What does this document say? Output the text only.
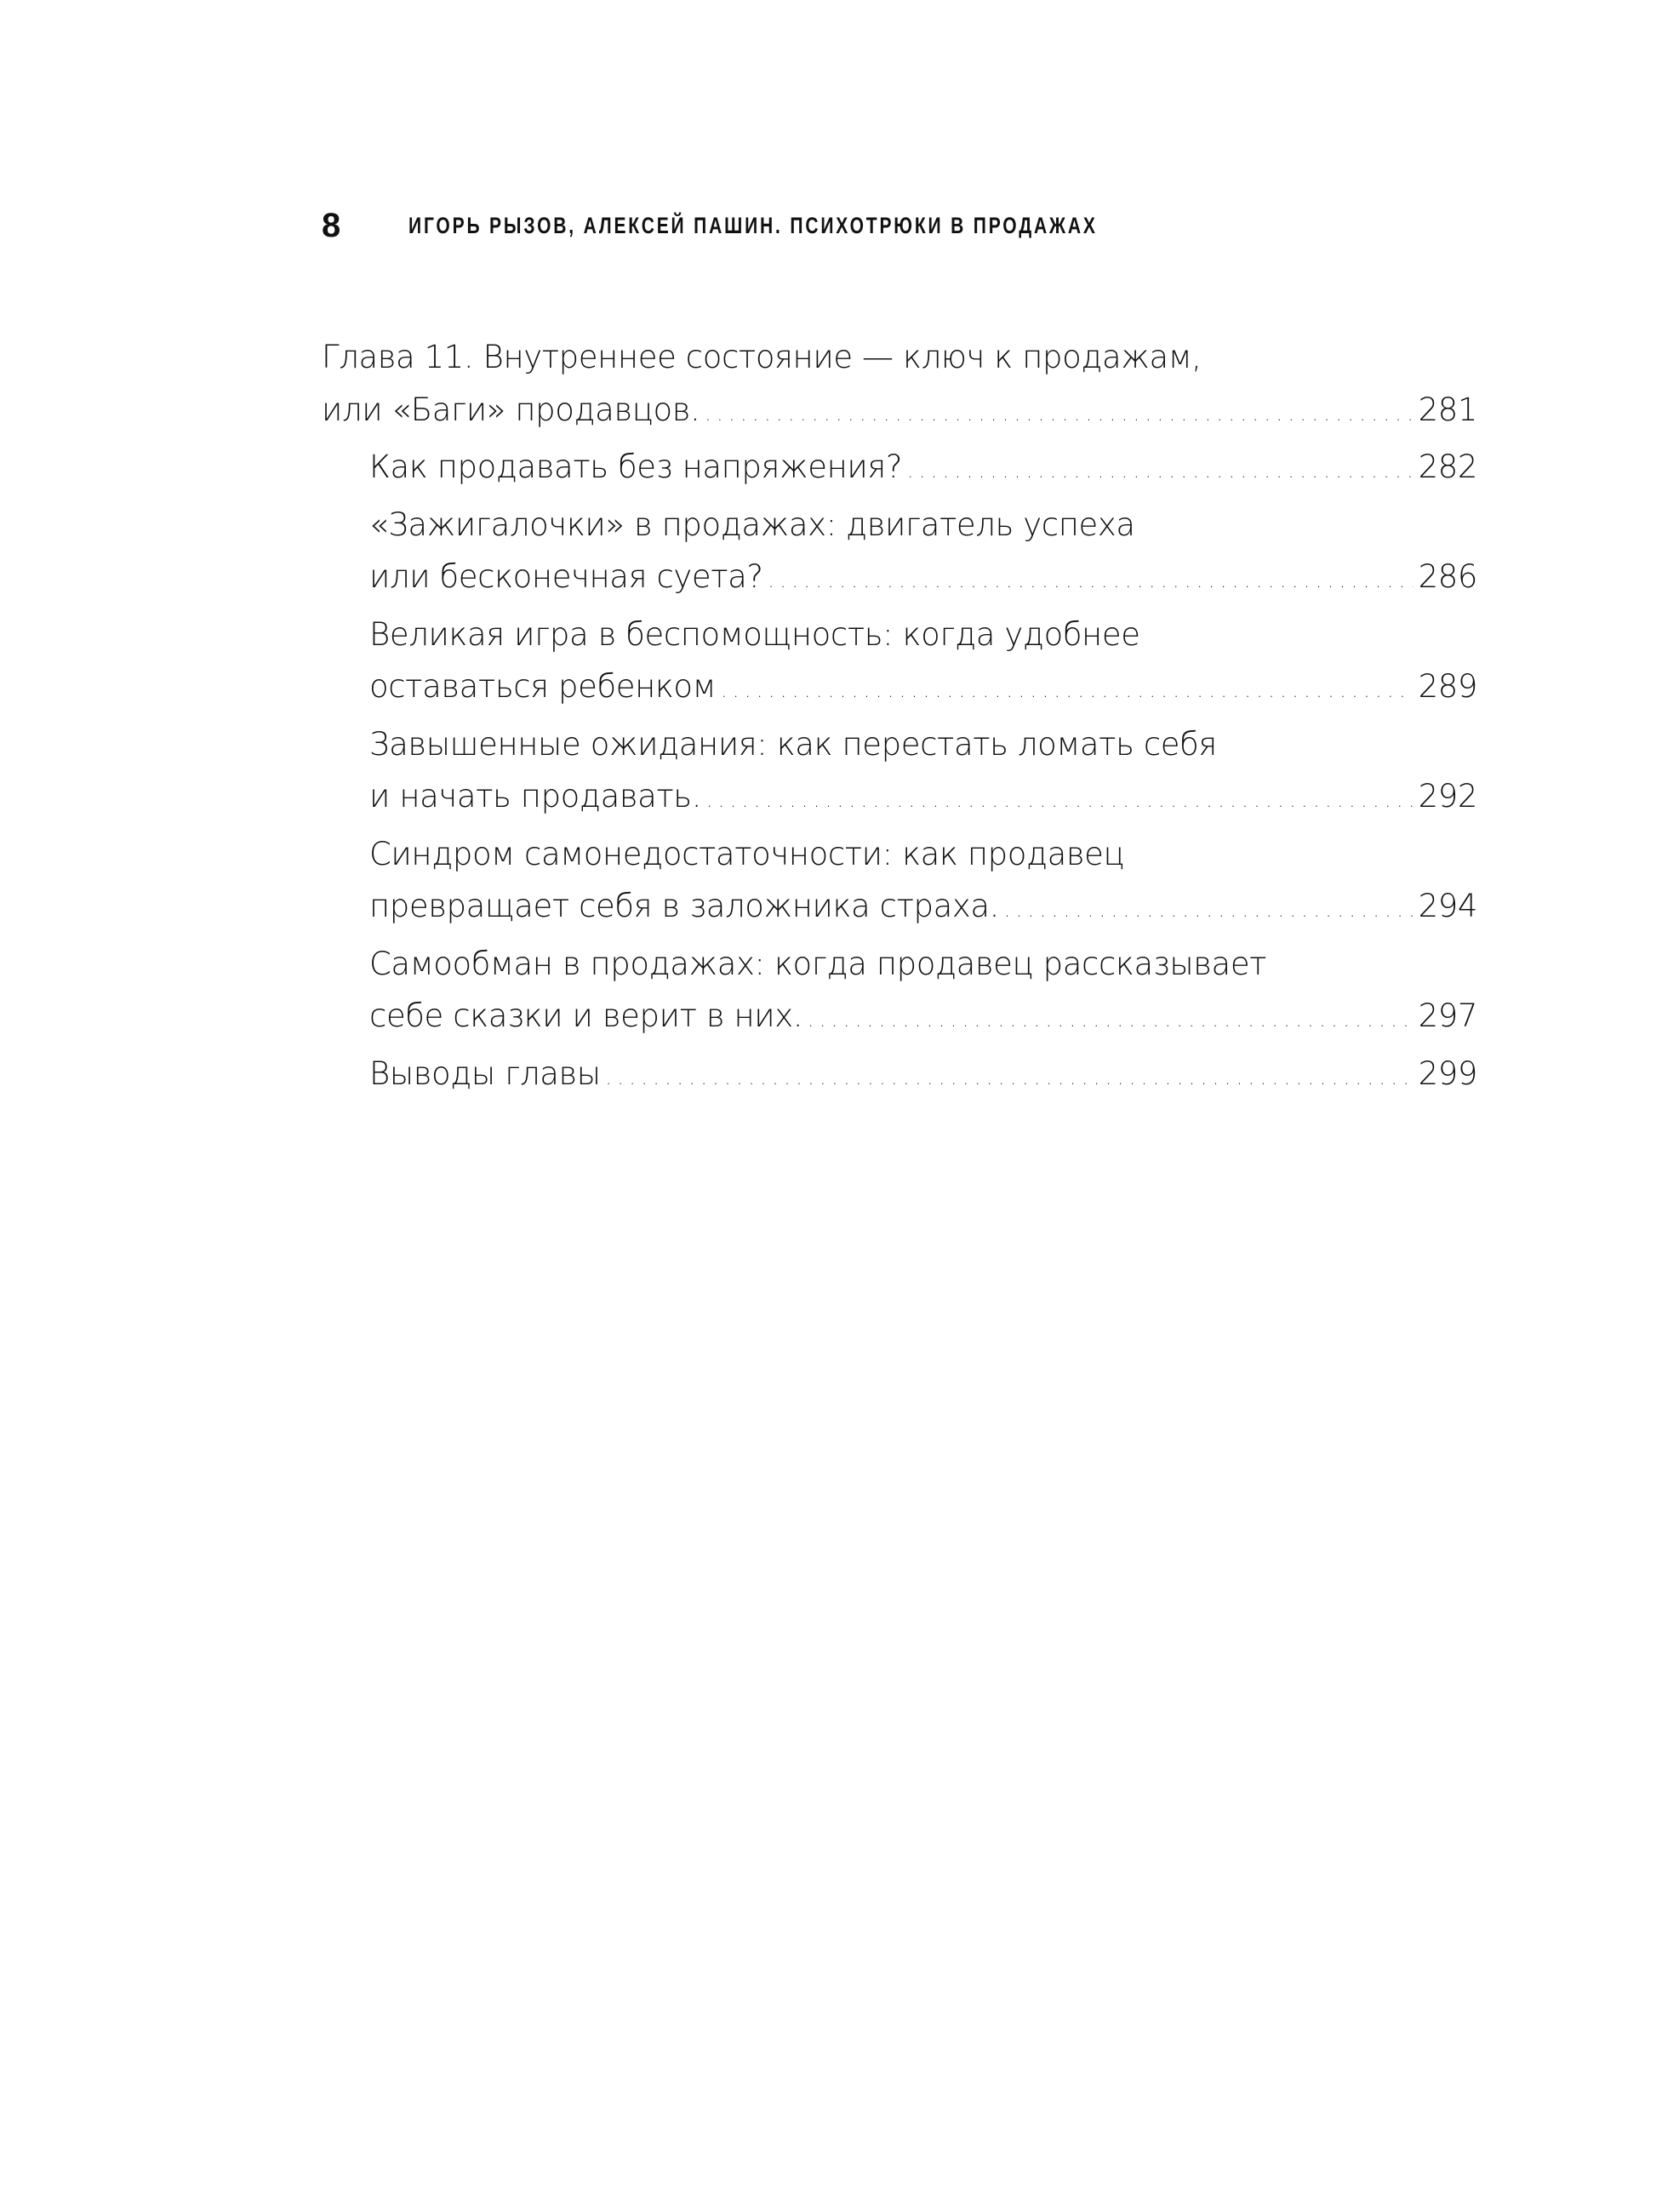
8	ИГОРЬ РЫЗОВ, АЛЕКСЕЙ ПАШИН. ПСИХОТРЮКИ В ПРОДАЖАХ
Глава 11. Внутреннее состояние — ключ к продажам,
или «Баги» продавцов. . . .	281
Как продавать без напряжения? . . .	282
«Зажигалочки» в продажах: двигатель успеха
или бесконечная суета? . . .	286
Великая игра в беспомощность: когда удобнее
оставаться ребенком . . .	289
Завышенные ожидания: как перестать ломать себя
и начать продавать. . . .	292
Синдром самонедостаточности: как продавец
превращает себя в заложника страха. . . .	294
Самообман в продажах: когда продавец рассказывает
себе сказки и верит в них. . . .	297
Выводы главы . . .	299
